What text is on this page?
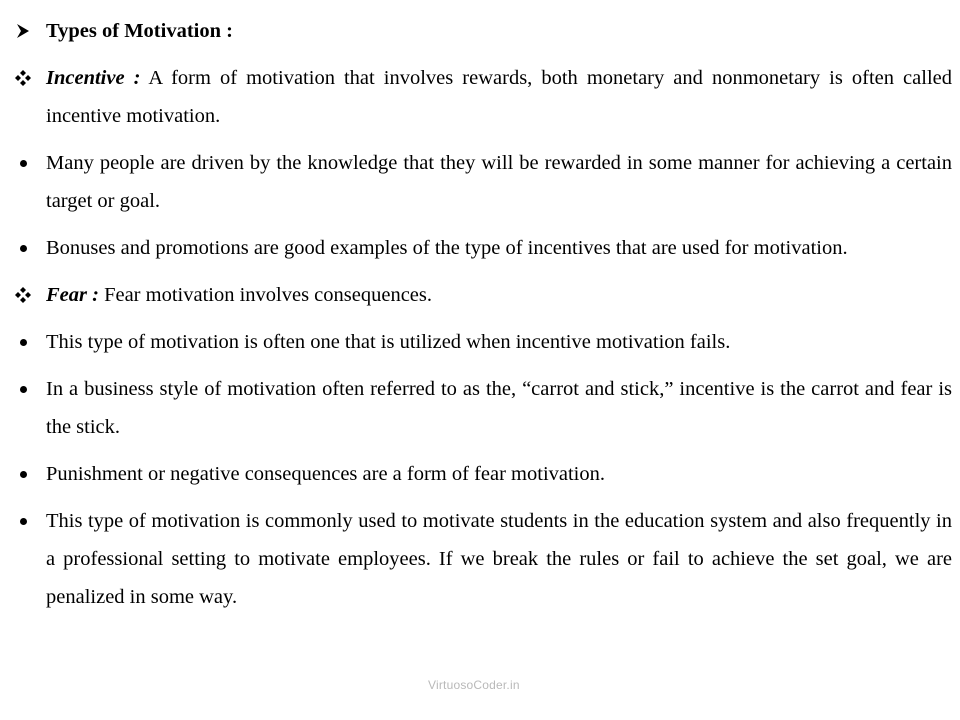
Types of Motivation :
Incentive : A form of motivation that involves rewards, both monetary and nonmonetary is often called incentive motivation.
Many people are driven by the knowledge that they will be rewarded in some manner for achieving a certain target or goal.
Bonuses and promotions are good examples of the type of incentives that are used for motivation.
Fear : Fear motivation involves consequences.
This type of motivation is often one that is utilized when incentive motivation fails.
In a business style of motivation often referred to as the, “carrot and stick,” incentive is the carrot and fear is the stick.
Punishment or negative consequences are a form of fear motivation.
This type of motivation is commonly used to motivate students in the education system and also frequently in a professional setting to motivate employees. If we break the rules or fail to achieve the set goal, we are penalized in some way.
VirtuosoCoder.in
